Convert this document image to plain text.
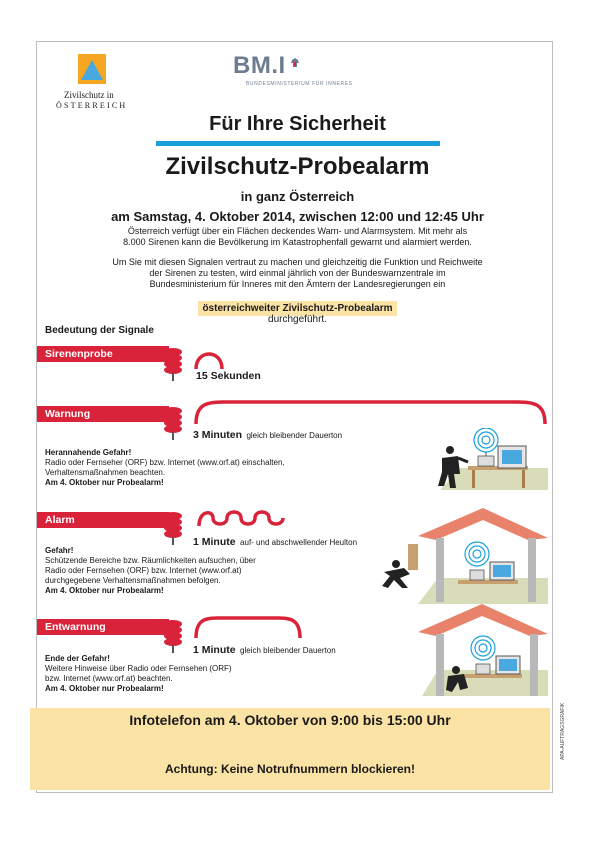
Zivilschutz in
ÖSTERREICH
BM.I
BUNDESMINISTERIUM FÜR INNERES
Für Ihre Sicherheit
Zivilschutz-Probealarm
in ganz Österreich
am Samstag, 4. Oktober 2014, zwischen 12:00 und 12:45 Uhr
Österreich verfügt über ein Flächen deckendes Warn- und Alarmsystem. Mit mehr als
8.000 Sirenen kann die Bevölkerung im Katastrophenfall gewarnt und alarmiert werden.
Um Sie mit diesen Signalen vertraut zu machen und gleichzeitig die Funktion und Reichweite
der Sirenen zu testen, wird einmal jährlich von der Bundeswarnzentrale im
Bundesministerium für Inneres mit den Ämtern der Landesregierungen ein
österreichweiter Zivilschutz-Probealarm
durchgeführt.
Bedeutung der Signale
Sirenenprobe
15 Sekunden
Warnung
3 Minuten gleich bleibender Dauerton
Herannahende Gefahr!
Radio oder Fernseher (ORF) bzw. Internet (www.orf.at) einschalten,
Verhaltensmaßnahmen beachten.
Am 4. Oktober nur Probealarm!
Alarm
1 Minute auf- und abschwellender Heulton
Gefahr!
Schützende Bereiche bzw. Räumlichkeiten aufsuchen, über
Radio oder Fernsehen (ORF) bzw. Internet (www.orf.at)
durchgegebene Verhaltensmaßnahmen befolgen.
Am 4. Oktober nur Probealarm!
Entwarnung
1 Minute gleich bleibender Dauerton
Ende der Gefahr!
Weitere Hinweise über Radio oder Fernsehen (ORF)
bzw. Internet (www.orf.at) beachten.
Am 4. Oktober nur Probealarm!
Infotelefon am 4. Oktober von 9:00 bis 15:00 Uhr
Achtung: Keine Notrufnummern blockieren!
APA-AUFTRAGSGRAFIK
